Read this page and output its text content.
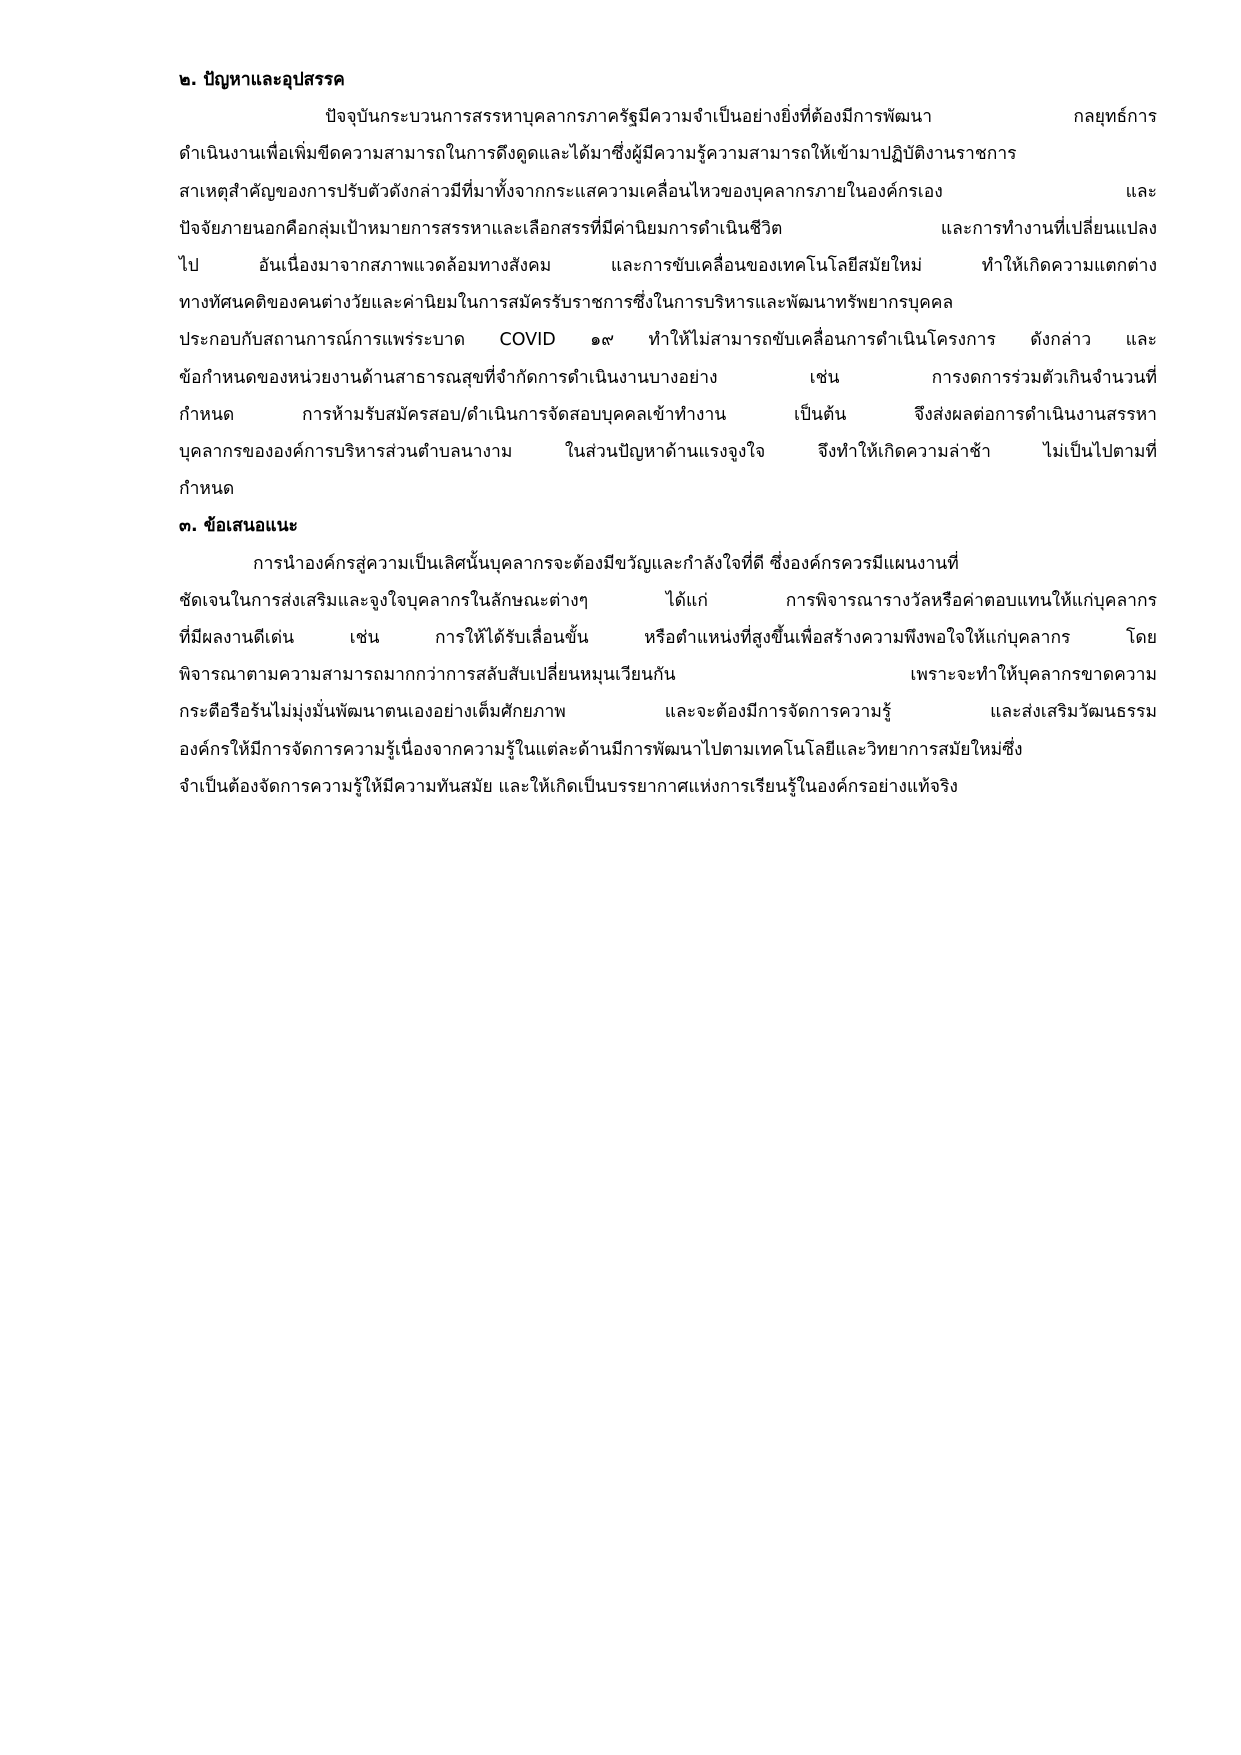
๒. ปัญหาและอุปสรรค
ปัจจุบันกระบวนการสรรหาบุคลากรภาครัฐมีความจำเป็นอย่างยิ่งที่ต้องมีการพัฒนา กลยุทธ์การ
ดำเนินงานเพื่อเพิ่มขีดความสามารถในการดึงดูดและได้มาซึ่งผู้มีความรู้ความสามารถให้เข้ามาปฏิบัติงานราชการ
สาเหตุสำคัญของการปรับตัวดังกล่าวมีที่มาทั้งจากกระแสความเคลื่อนไหวของบุคลากรภายในองค์กรเอง และ
ปัจจัยภายนอกคือกลุ่มเป้าหมายการสรรหาและเลือกสรรที่มีค่านิยมการดำเนินชีวิต และการทำงานที่เปลี่ยนแปลง
ไป อันเนื่องมาจากสภาพแวดล้อมทางสังคม และการขับเคลื่อนของเทคโนโลยีสมัยใหม่ ทำให้เกิดความแตกต่าง
ทางทัศนคติของคนต่างวัยและค่านิยมในการสมัครรับราชการซึ่งในการบริหารและพัฒนาทรัพยากรบุคคล
ประกอบกับสถานการณ์การแพร่ระบาด COVID ๑๙ ทำให้ไม่สามารถขับเคลื่อนการดำเนินโครงการ ดังกล่าว และ
ข้อกำหนดของหน่วยงานด้านสาธารณสุขที่จำกัดการดำเนินงานบางอย่าง เช่น การงดการร่วมตัวเกินจำนวนที่
กำหนด การห้ามรับสมัครสอบ/ดำเนินการจัดสอบบุคคลเข้าทำงาน เป็นต้น จึงส่งผลต่อการดำเนินงานสรรหา
บุคลากรขององค์การบริหารส่วนตำบลนางาม ในส่วนปัญหาด้านแรงจูงใจ จึงทำให้เกิดความล่าช้า ไม่เป็นไปตามที่
กำหนด
๓. ข้อเสนอแนะ
การนำองค์กรสู่ความเป็นเลิศนั้นบุคลากรจะต้องมีขวัญและกำลังใจที่ดี ซึ่งองค์กรควรมีแผนงานที่
ชัดเจนในการส่งเสริมและจูงใจบุคลากรในลักษณะต่างๆ ได้แก่ การพิจารณารางวัลหรือค่าตอบแทนให้แก่บุคลากร
ที่มีผลงานดีเด่น เช่น การให้ได้รับเลื่อนขั้น หรือตำแหน่งที่สูงขึ้นเพื่อสร้างความพึงพอใจให้แก่บุคลากร โดย
พิจารณาตามความสามารถมากกว่าการสลับสับเปลี่ยนหมุนเวียนกัน เพราะจะทำให้บุคลากรขาดความ
กระตือรือร้นไม่มุ่งมั่นพัฒนาตนเองอย่างเต็มศักยภาพ และจะต้องมีการจัดการความรู้ และส่งเสริมวัฒนธรรม
องค์กรให้มีการจัดการความรู้เนื่องจากความรู้ในแต่ละด้านมีการพัฒนาไปตามเทคโนโลยีและวิทยาการสมัยใหม่ซึ่ง
จำเป็นต้องจัดการความรู้ให้มีความทันสมัย และให้เกิดเป็นบรรยากาศแห่งการเรียนรู้ในองค์กรอย่างแท้จริง
